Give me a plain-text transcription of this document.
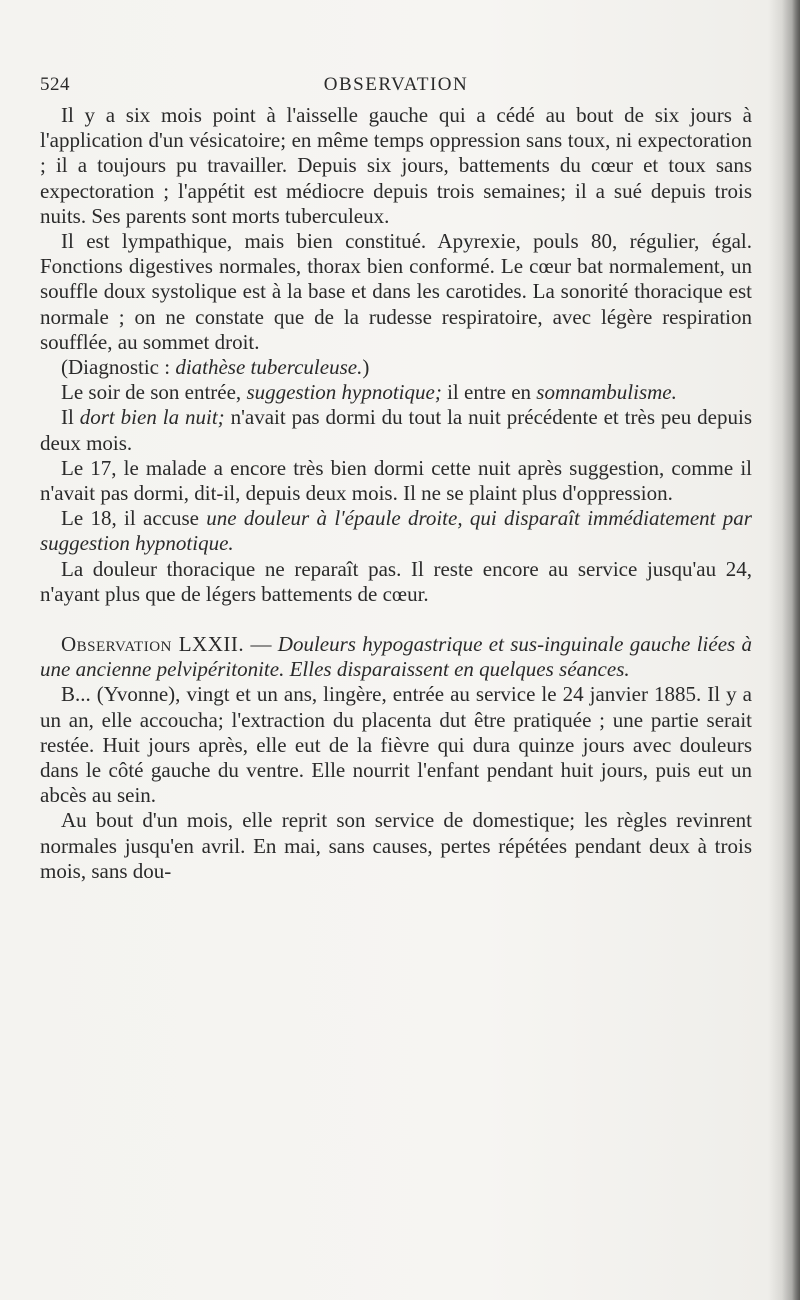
524	OBSERVATION

Il y a six mois point à l'aisselle gauche qui a cédé au bout de six jours à l'application d'un vésicatoire; en même temps oppression sans toux, ni expectoration ; il a toujours pu travailler. Depuis six jours, battements du cœur et toux sans expectoration ; l'appétit est médiocre depuis trois semaines; il a sué depuis trois nuits. Ses parents sont morts tuberculeux.

Il est lympathique, mais bien constitué. Apyrexie, pouls 80, régulier, égal. Fonctions digestives normales, thorax bien conformé. Le cœur bat normalement, un souffle doux systolique est à la base et dans les carotides. La sonorité thoracique est normale ; on ne constate que de la rudesse respiratoire, avec légère respiration soufflée, au sommet droit.

(Diagnostic : diathèse tuberculeuse.)

Le soir de son entrée, suggestion hypnotique; il entre en somnambulisme.

Il dort bien la nuit; n'avait pas dormi du tout la nuit précédente et très peu depuis deux mois.

Le 17, le malade a encore très bien dormi cette nuit après suggestion, comme il n'avait pas dormi, dit-il, depuis deux mois. Il ne se plaint plus d'oppression.

Le 18, il accuse une douleur à l'épaule droite, qui disparaît immédiatement par suggestion hypnotique.

La douleur thoracique ne reparaît pas. Il reste encore au service jusqu'au 24, n'ayant plus que de légers battements de cœur.

Observation LXXII. — Douleurs hypogastrique et sus-inguinale gauche liées à une ancienne pelvipéritonite. Elles disparaissent en quelques séances.

B... (Yvonne), vingt et un ans, lingère, entrée au service le 24 janvier 1885. Il y a un an, elle accoucha; l'extraction du placenta dut être pratiquée ; une partie serait restée. Huit jours après, elle eut de la fièvre qui dura quinze jours avec douleurs dans le côté gauche du ventre. Elle nourrit l'enfant pendant huit jours, puis eut un abcès au sein.

Au bout d'un mois, elle reprit son service de domestique; les règles revinrent normales jusqu'en avril. En mai, sans causes, pertes répétées pendant deux à trois mois, sans dou-
